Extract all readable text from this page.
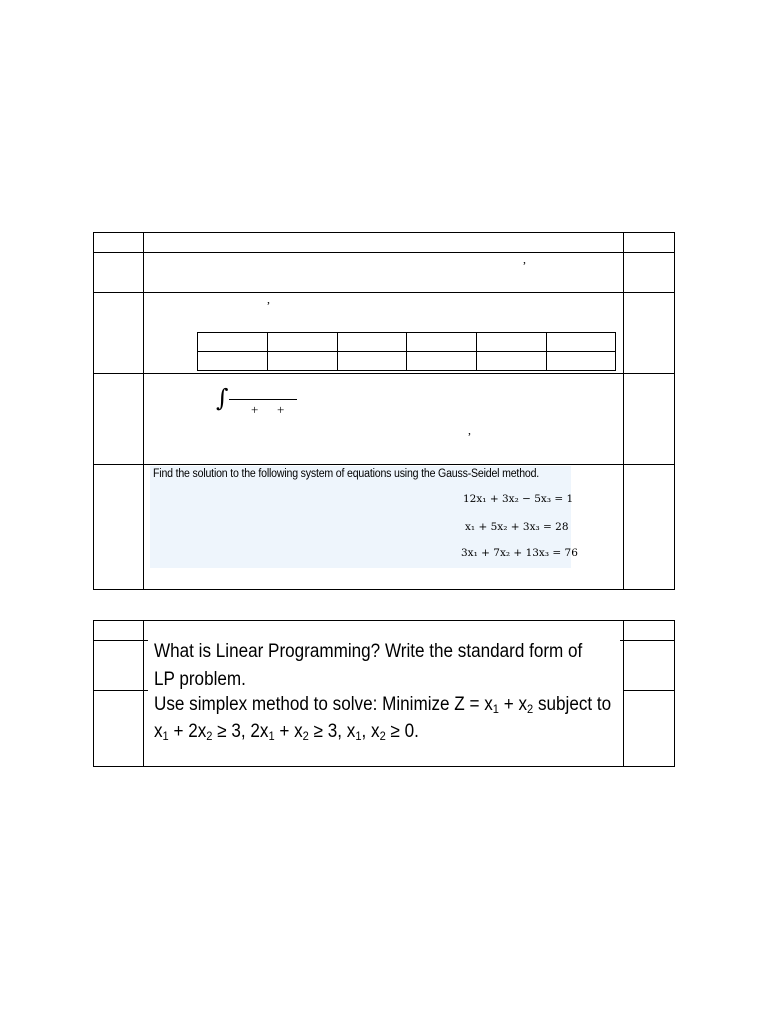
,
,
∫ + +
,
Find the solution to the following system of equations using the Gauss-Seidel method.
12x₁ + 3x₂ − 5x₃ = 1
x₁ + 5x₂ + 3x₃ = 28
3x₁ + 7x₂ + 13x₃ = 76
What is Linear Programming? Write the standard form of
LP problem.
Use simplex method to solve: Minimize $Z = x_1 + x_2$ subject to
$x_1 + 2x_2 \ge 3$, $2x_1 + x_2 \ge 3$, $x_1$, $x_2 \ge 0$.
